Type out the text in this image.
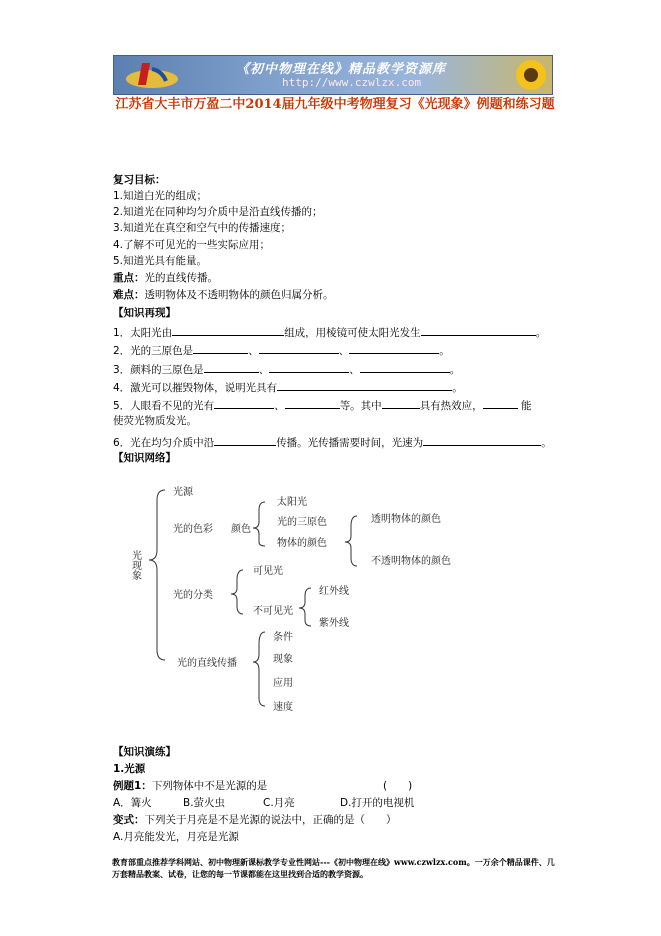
《初中物理在线》精品教学资源库
http://www.czwlzx.com
江苏省大丰市万盈二中2014届九年级中考物理复习《光现象》例题和练习题
复习目标：
1.知道白光的组成；
2.知道光在同种均匀介质中是沿直线传播的；
3.知道光在真空和空气中的传播速度；
4.了解不可见光的一些实际应用；
5.知道光具有能量。
重点：光的直线传播。
难点：透明物体及不透明物体的颜色归属分析。
【知识再现】
1．太阳光由	组成，用棱镜可使太阳光发生	。
2．光的三原色是	、	、	。
3．颜料的三原色是	、	、	。
4．激光可以摧毁物体，说明光具有	。
5．人眼看不见的光有	、	等。其中	具有热效应，	能
使荧光物质发光。
6．光在均匀介质中沿	传播。光传播需要时间，光速为	。
【知识网络】
光现象
光源
光的色彩 颜色
太阳光
光的三原色
物体的颜色
透明物体的颜色
不透明物体的颜色
光的分类
可见光
不可见光
红外线
紫外线
光的直线传播
条件
现象
应用
速度
【知识演练】
1.光源
例题1：下列物体中不是光源的是	(　　)
A．篝火	B.萤火虫	C.月亮	D.打开的电视机
变式：下列关于月亮是不是光源的说法中，正确的是（　　）
A.月亮能发光，月亮是光源
教育部重点推荐学科网站、初中物理新课标教学专业性网站---《初中物理在线》www.czwlzx.com。一万余个精品课件、几万套精品教案、试卷，让您的每一节课都能在这里找到合适的教学资源。
